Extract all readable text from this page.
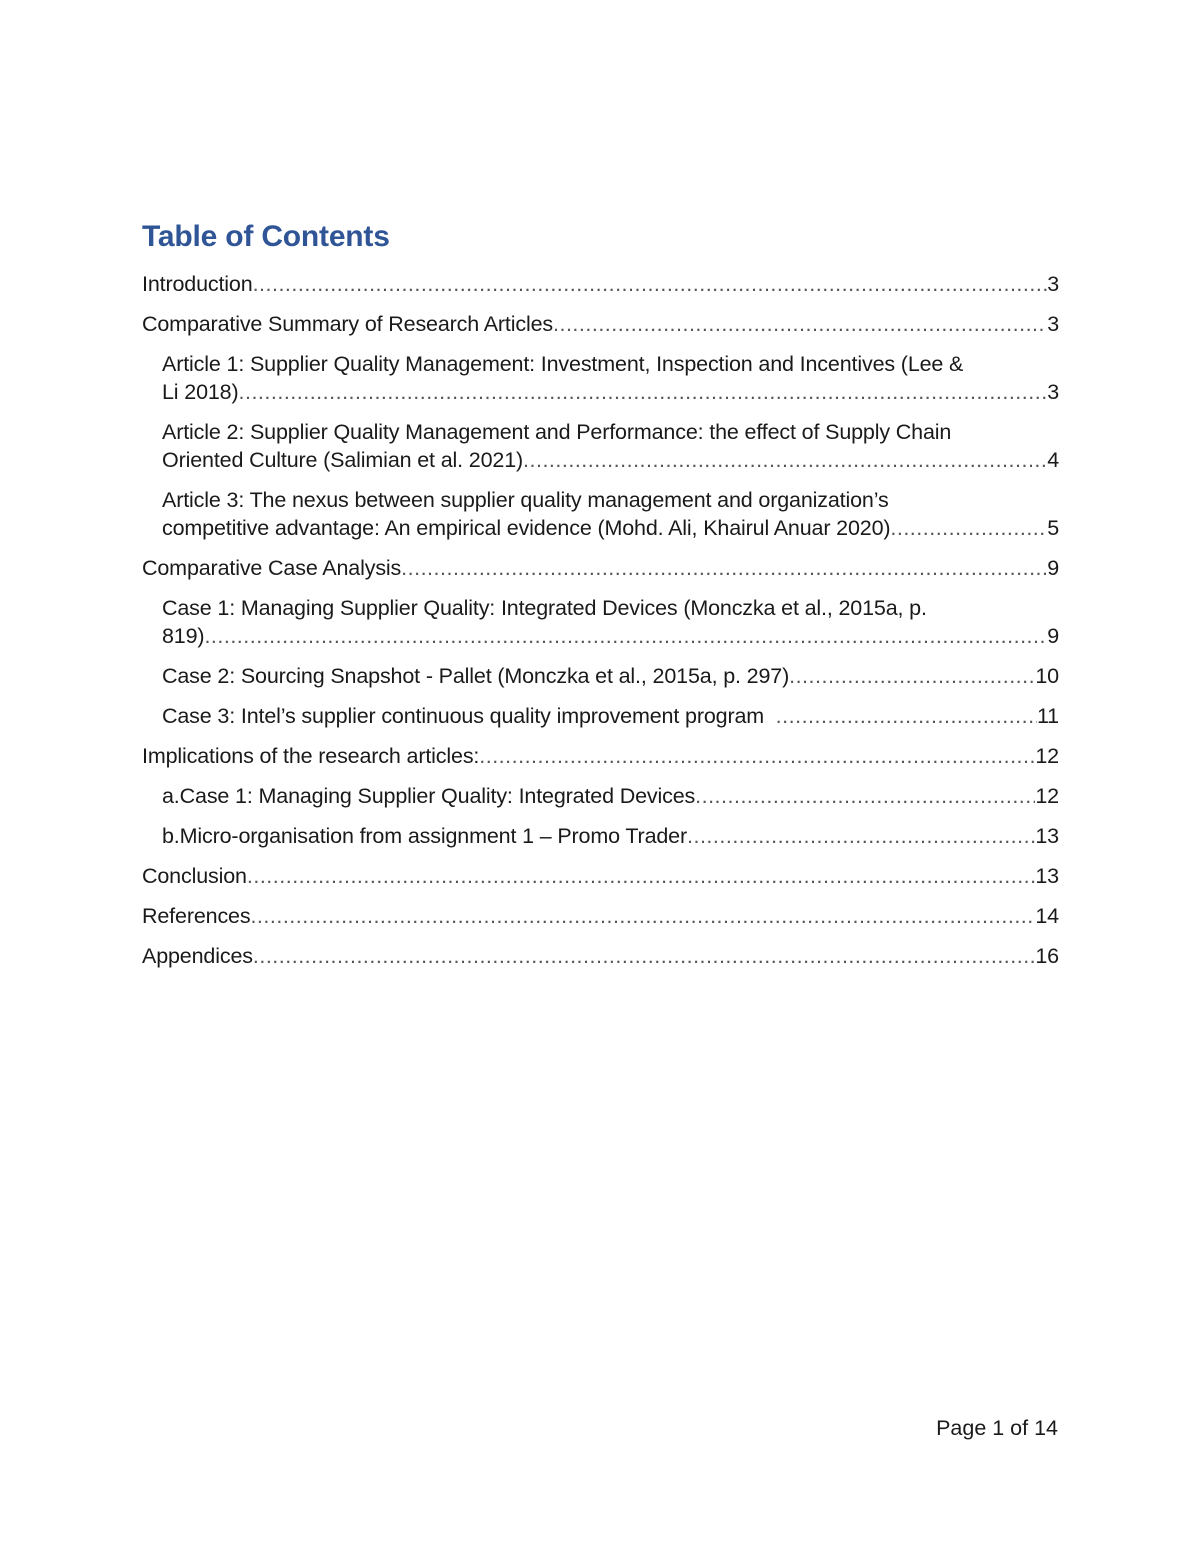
Table of Contents
Introduction .....	3
Comparative Summary of Research Articles .....	3
Article 1: Supplier Quality Management: Investment, Inspection and Incentives (Lee &
Li 2018) .....	3
Article 2: Supplier Quality Management and Performance: the effect of Supply Chain
Oriented Culture (Salimian et al. 2021) .....	4
Article 3: The nexus between supplier quality management and organization’s
competitive advantage: An empirical evidence (Mohd. Ali, Khairul Anuar 2020) .....	5
Comparative Case Analysis .....	9
Case 1: Managing Supplier Quality: Integrated Devices (Monczka et al., 2015a, p.
819) .....	9
Case 2: Sourcing Snapshot - Pallet (Monczka et al., 2015a, p. 297) .....	10
Case 3: Intel’s supplier continuous quality improvement program .....	11
Implications of the research articles: .....	12
a.Case 1: Managing Supplier Quality: Integrated Devices .....	12
b.Micro-organisation from assignment 1 – Promo Trader .....	13
Conclusion .....	13
References .....	14
Appendices .....	16
Page 1 of 14
